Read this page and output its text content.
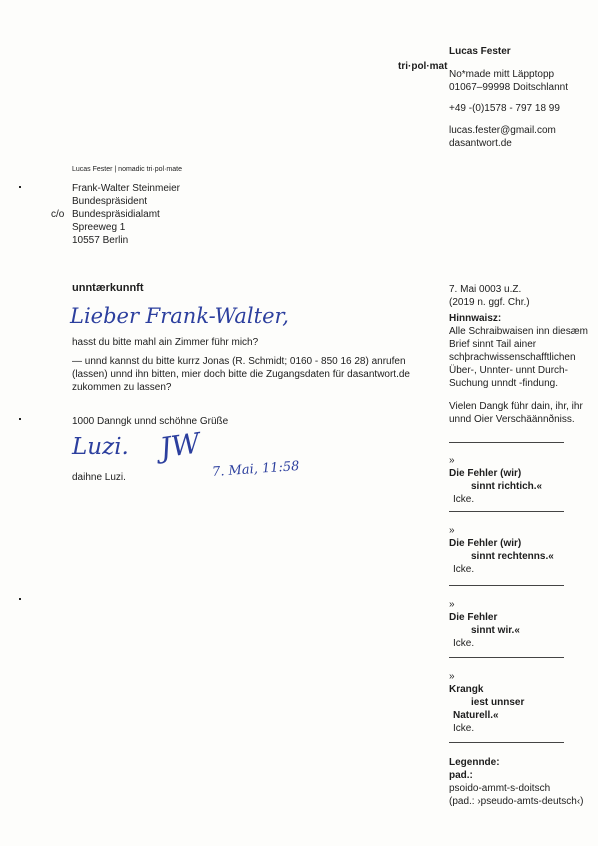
tri·pol·mat
Lucas Fester
No*made mitt Läpptopp
01067–99998 Doitschlannt
+49 -(0)1578 - 797 18 99
lucas.fester@gmail.com
dasantwort.de
Lucas Fester | nomadic tri·pol·mate
Frank-Walter Steinmeier
Bundespräsident
c/o Bundespräsidialamt
Spreeweg 1
10557 Berlin
unntærkunnft	7. Mai 0003 u.Z.
(2019 n. ggf. Chr.)
Lieber Frank-Walter,
hasst du bitte mahl ain Zimmer führ mich?
— unnd kannst du bitte kurrz Jonas (R. Schmidt; 0160 - 850 16 28) anrufen (lassen) unnd ihn bitten, mier doch bitte die Zugangsdaten für dasantwort.de zukommen zu lassen?
1000 Danngk unnd schöhne Grüße
Luzi.
daihne Luzi.
JW
7. Mai, 11:58
Hinnwaisz:
Alle Schraibwaisen inn diesæm Brief sinnt Tail ainer schþrachwissenschafftlichen Über-, Unnter- unnt Durch-Suchung unndt -findung.
Vielen Dangk führ dain, ihr, ihr unnd Oier Verschäännðniss.
»
Die Fehler (wir)
sinnt richtich.«
Icke.
»
Die Fehler (wir)
sinnt rechtenns.«
Icke.
»
Die Fehler
sinnt wir.«
Icke.
»
Krangk
iest unnser
Naturell.«
Icke.
Legennde:
pad.:
psoido-ammt-s-doitsch
(pad.: ›pseudo-amts-deutsch‹)
